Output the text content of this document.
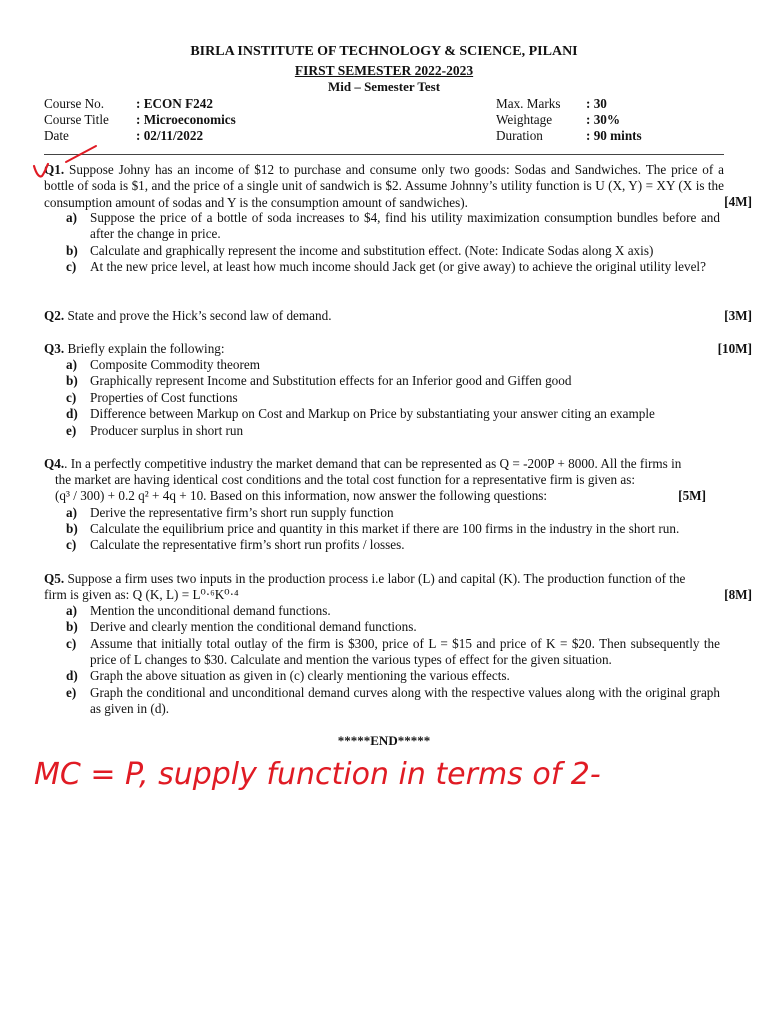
BIRLA INSTITUTE OF TECHNOLOGY & SCIENCE, PILANI
FIRST SEMESTER 2022-2023
Mid – Semester Test
Course No. : ECON F242
Course Title : Microeconomics
Date	: 02/11/2022
Max. Marks : 30
Weightage	: 30%
Duration	: 90 mints
Q1. Suppose Johny has an income of $12 to purchase and consume only two goods: Sodas and Sandwiches. The price of a bottle of soda is $1, and the price of a single unit of sandwich is $2. Assume Johnny’s utility function is U (X, Y) = XY (X is the consumption amount of sodas and Y is the consumption amount of sandwiches).	[4M]
a) Suppose the price of a bottle of soda increases to $4, find his utility maximization consumption bundles before and after the change in price.
b) Calculate and graphically represent the income and substitution effect. (Note: Indicate Sodas along X axis)
c) At the new price level, at least how much income should Jack get (or give away) to achieve the original utility level?
Q2. State and prove the Hick’s second law of demand.	[3M]
Q3. Briefly explain the following:	[10M]
a) Composite Commodity theorem
b) Graphically represent Income and Substitution effects for an Inferior good and Giffen good
c) Properties of Cost functions
d) Difference between Markup on Cost and Markup on Price by substantiating your answer citing an example
e) Producer surplus in short run
Q4.. In a perfectly competitive industry the market demand that can be represented as Q = -200P + 8000. All the firms in
the market are having identical cost conditions and the total cost function for a representative firm is given as:
(q³ / 300) + 0.2 q² + 4q + 10. Based on this information, now answer the following questions:	[5M]
a) Derive the representative firm’s short run supply function
b) Calculate the equilibrium price and quantity in this market if there are 100 firms in the industry in the short run.
c) Calculate the representative firm’s short run profits / losses.
Q5. Suppose a firm uses two inputs in the production process i.e labor (L) and capital (K). The production function of the
firm is given as: Q (K, L) = L⁰·⁶K⁰·⁴	[8M]
a) Mention the unconditional demand functions.
b) Derive and clearly mention the conditional demand functions.
c) Assume that initially total outlay of the firm is $300, price of L = $15 and price of K = $20. Then subsequently the price of L changes to $30. Calculate and mention the various types of effect for the given situation.
d) Graph the above situation as given in (c) clearly mentioning the various effects.
e) Graph the conditional and unconditional demand curves along with the respective values along with the original graph as given in (d).
*****END*****
MC = P, supply function in terms of 2-
